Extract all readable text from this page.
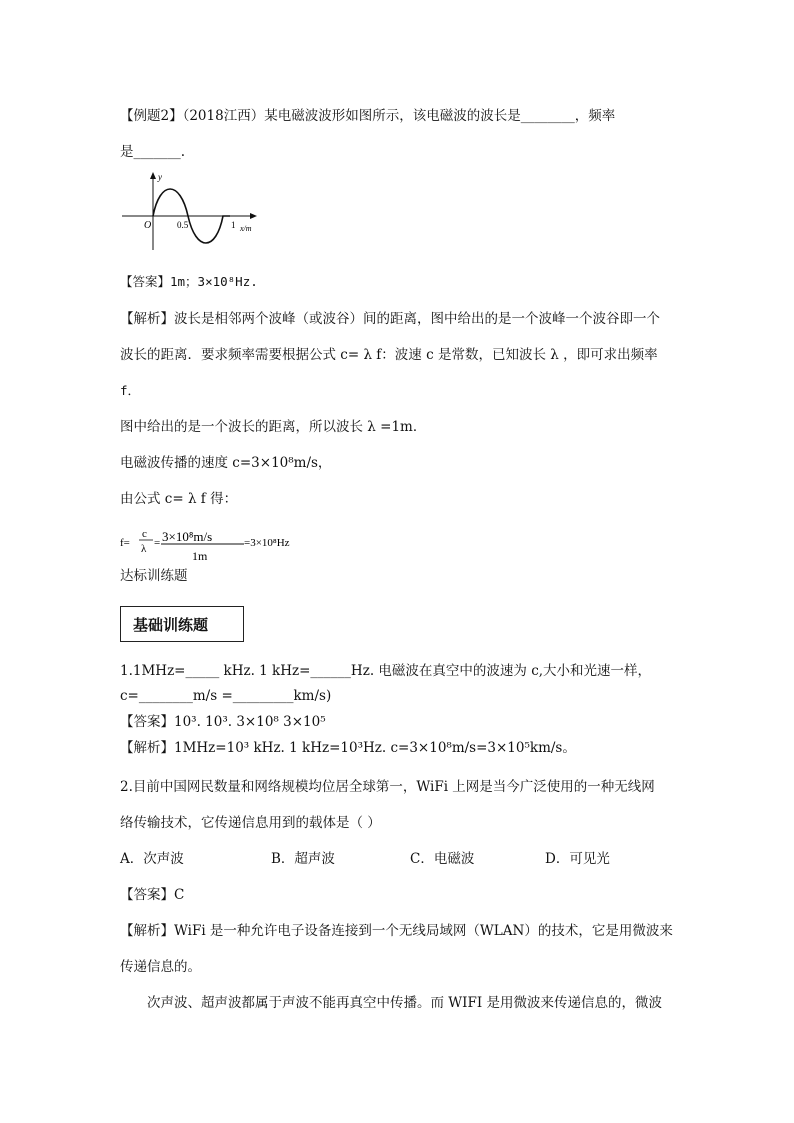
【例题2】（2018江西）某电磁波波形如图所示，该电磁波的波长是________，频率
是_______.
y
O	0.5	1 x/m
【答案】1m；3×10⁸Hz.
【解析】波长是相邻两个波峰（或波谷）间的距离，图中给出的是一个波峰一个波谷即一个
波长的距离．要求频率需要根据公式 c= λ f：波速 c 是常数，已知波长 λ ，即可求出频率
f．
图中给出的是一个波长的距离，所以波长 λ =1m．
电磁波传播的速度 c=3×10⁸m/s，
由公式 c= λ f 得：
f=
c
λ = 3×10⁸m/s
1m
=3×10⁸Hz
达标训练题
基础训练题
1.1MHz=_____ kHz. 1 kHz=______Hz. 电磁波在真空中的波速为 c,大小和光速一样，
c=________m/s =_________km/s)
【答案】10³. 10³. 3×10⁸ 3×10⁵
【解析】1MHz=10³ kHz. 1 kHz=10³Hz. c=3×10⁸m/s=3×10⁵km/s。
2.目前中国网民数量和网络规模均位居全球第一，WiFi 上网是当今广泛使用的一种无线网
络传输技术，它传递信息用到的载体是（ ）
A．次声波	B．超声波	C．电磁波	D．可见光
【答案】C
【解析】WiFi 是一种允许电子设备连接到一个无线局域网（WLAN）的技术，它是用微波来
传递信息的。
次声波、超声波都属于声波不能再真空中传播。而 WIFI 是用微波来传递信息的，微波
